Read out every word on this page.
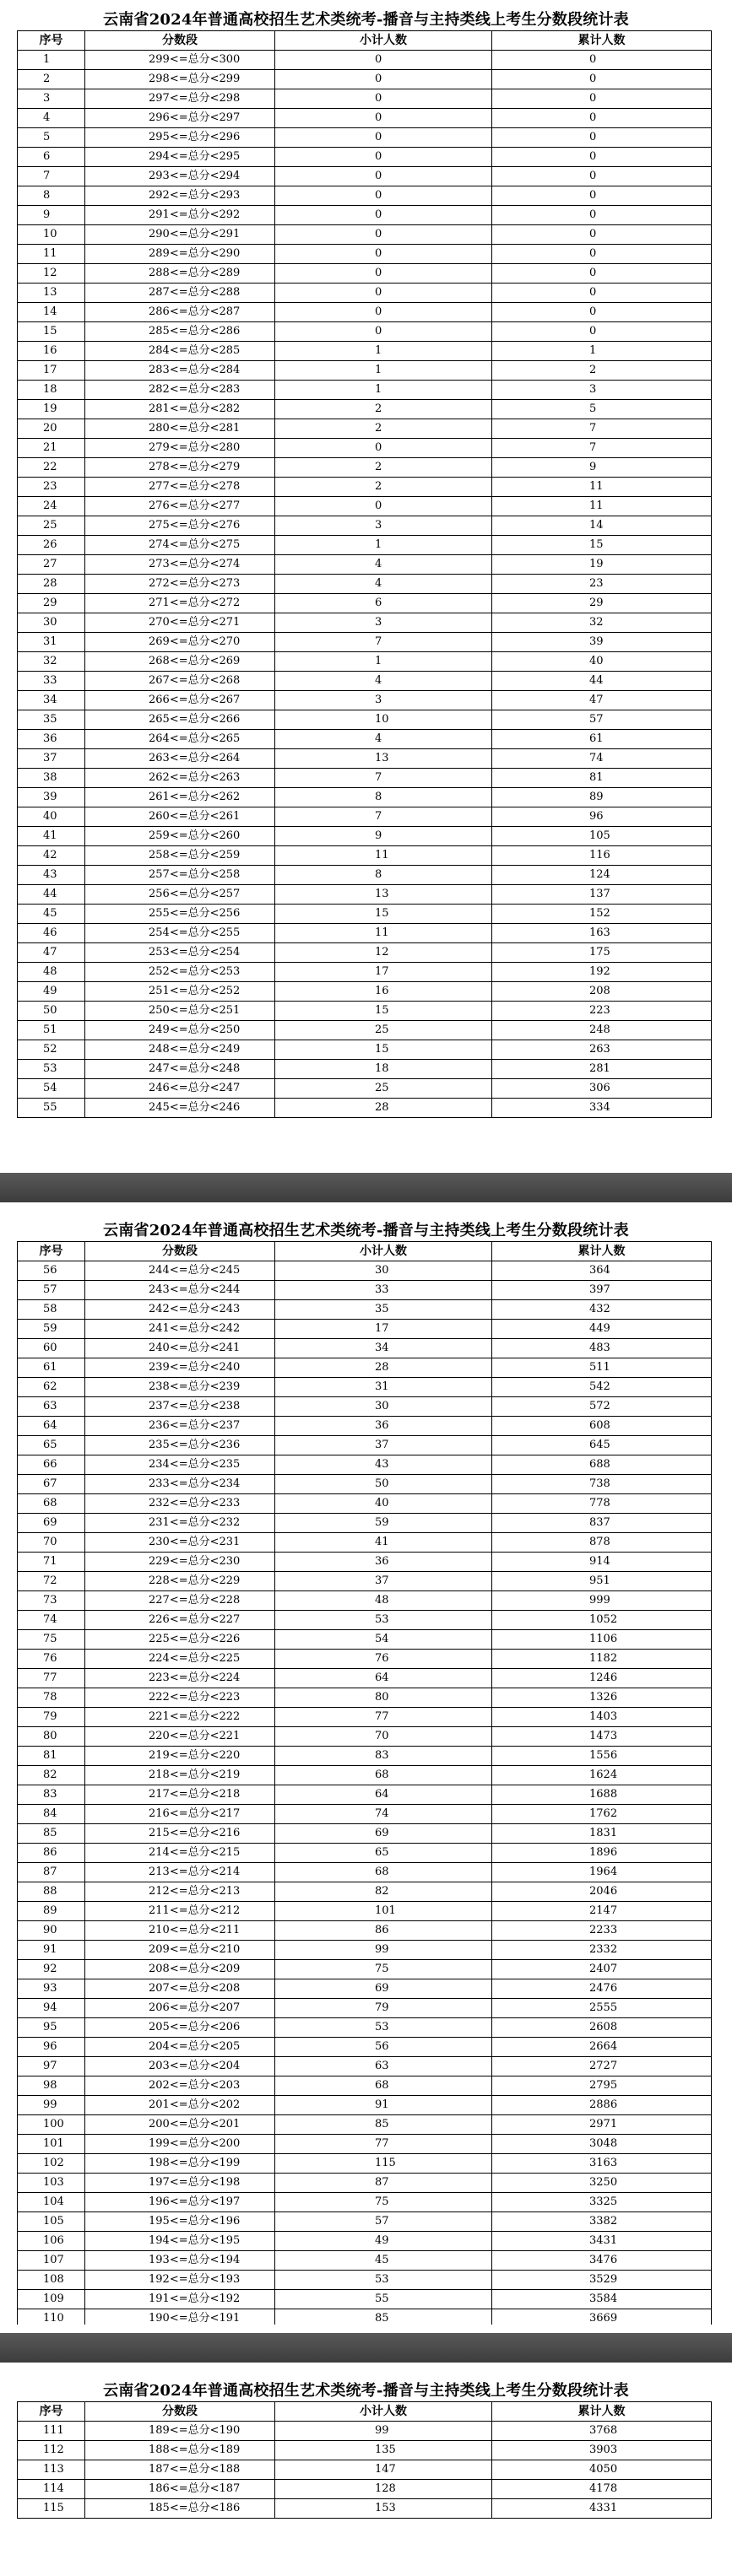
云南省2024年普通高校招生艺术类统考-播音与主持类线上考生分数段统计表
序号	分数段	小计人数	累计人数
1	299<=总分<300	0	0
2	298<=总分<299	0	0
3	297<=总分<298	0	0
4	296<=总分<297	0	0
5	295<=总分<296	0	0
6	294<=总分<295	0	0
7	293<=总分<294	0	0
8	292<=总分<293	0	0
9	291<=总分<292	0	0
10	290<=总分<291	0	0
11	289<=总分<290	0	0
12	288<=总分<289	0	0
13	287<=总分<288	0	0
14	286<=总分<287	0	0
15	285<=总分<286	0	0
16	284<=总分<285	1	1
17	283<=总分<284	1	2
18	282<=总分<283	1	3
19	281<=总分<282	2	5
20	280<=总分<281	2	7
21	279<=总分<280	0	7
22	278<=总分<279	2	9
23	277<=总分<278	2	11
24	276<=总分<277	0	11
25	275<=总分<276	3	14
26	274<=总分<275	1	15
27	273<=总分<274	4	19
28	272<=总分<273	4	23
29	271<=总分<272	6	29
30	270<=总分<271	3	32
31	269<=总分<270	7	39
32	268<=总分<269	1	40
33	267<=总分<268	4	44
34	266<=总分<267	3	47
35	265<=总分<266	10	57
36	264<=总分<265	4	61
37	263<=总分<264	13	74
38	262<=总分<263	7	81
39	261<=总分<262	8	89
40	260<=总分<261	7	96
41	259<=总分<260	9	105
42	258<=总分<259	11	116
43	257<=总分<258	8	124
44	256<=总分<257	13	137
45	255<=总分<256	15	152
46	254<=总分<255	11	163
47	253<=总分<254	12	175
48	252<=总分<253	17	192
49	251<=总分<252	16	208
50	250<=总分<251	15	223
51	249<=总分<250	25	248
52	248<=总分<249	15	263
53	247<=总分<248	18	281
54	246<=总分<247	25	306
55	245<=总分<246	28	334
云南省2024年普通高校招生艺术类统考-播音与主持类线上考生分数段统计表
序号	分数段	小计人数	累计人数
56	244<=总分<245	30	364
57	243<=总分<244	33	397
58	242<=总分<243	35	432
59	241<=总分<242	17	449
60	240<=总分<241	34	483
61	239<=总分<240	28	511
62	238<=总分<239	31	542
63	237<=总分<238	30	572
64	236<=总分<237	36	608
65	235<=总分<236	37	645
66	234<=总分<235	43	688
67	233<=总分<234	50	738
68	232<=总分<233	40	778
69	231<=总分<232	59	837
70	230<=总分<231	41	878
71	229<=总分<230	36	914
72	228<=总分<229	37	951
73	227<=总分<228	48	999
74	226<=总分<227	53	1052
75	225<=总分<226	54	1106
76	224<=总分<225	76	1182
77	223<=总分<224	64	1246
78	222<=总分<223	80	1326
79	221<=总分<222	77	1403
80	220<=总分<221	70	1473
81	219<=总分<220	83	1556
82	218<=总分<219	68	1624
83	217<=总分<218	64	1688
84	216<=总分<217	74	1762
85	215<=总分<216	69	1831
86	214<=总分<215	65	1896
87	213<=总分<214	68	1964
88	212<=总分<213	82	2046
89	211<=总分<212	101	2147
90	210<=总分<211	86	2233
91	209<=总分<210	99	2332
92	208<=总分<209	75	2407
93	207<=总分<208	69	2476
94	206<=总分<207	79	2555
95	205<=总分<206	53	2608
96	204<=总分<205	56	2664
97	203<=总分<204	63	2727
98	202<=总分<203	68	2795
99	201<=总分<202	91	2886
100	200<=总分<201	85	2971
101	199<=总分<200	77	3048
102	198<=总分<199	115	3163
103	197<=总分<198	87	3250
104	196<=总分<197	75	3325
105	195<=总分<196	57	3382
106	194<=总分<195	49	3431
107	193<=总分<194	45	3476
108	192<=总分<193	53	3529
109	191<=总分<192	55	3584
110	190<=总分<191	85	3669
云南省2024年普通高校招生艺术类统考-播音与主持类线上考生分数段统计表
序号	分数段	小计人数	累计人数
111	189<=总分<190	99	3768
112	188<=总分<189	135	3903
113	187<=总分<188	147	4050
114	186<=总分<187	128	4178
115	185<=总分<186	153	4331
